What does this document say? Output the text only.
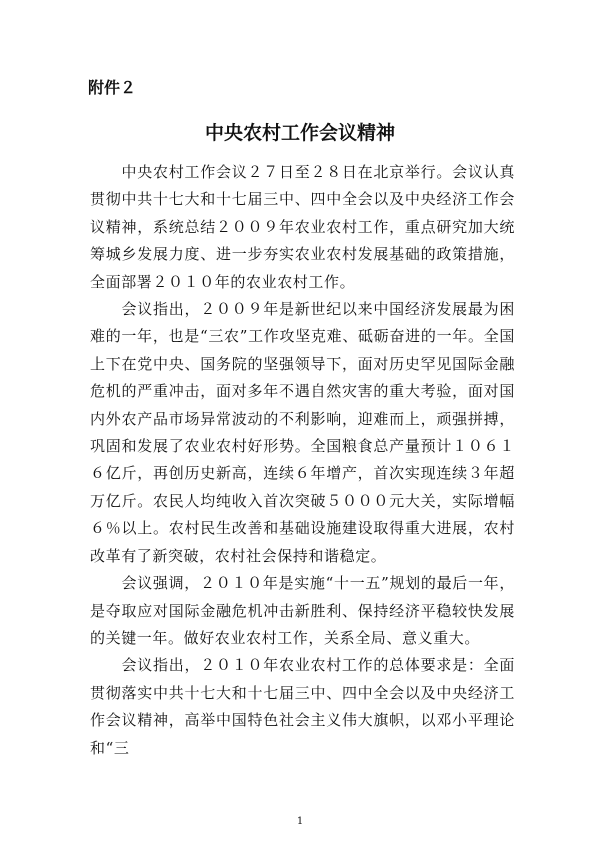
附件２

中央农村工作会议精神

中央农村工作会议２７日至２８日在北京举行。会议认真贯彻中共十七大和十七届三中、四中全会以及中央经济工作会议精神，系统总结２００９年农业农村工作，重点研究加大统筹城乡发展力度、进一步夯实农业农村发展基础的政策措施，全面部署２０１０年的农业农村工作。

会议指出，２００９年是新世纪以来中国经济发展最为困难的一年，也是“三农”工作攻坚克难、砥砺奋进的一年。全国上下在党中央、国务院的坚强领导下，面对历史罕见国际金融危机的严重冲击，面对多年不遇自然灾害的重大考验，面对国内外农产品市场异常波动的不利影响，迎难而上，顽强拼搏，巩固和发展了农业农村好形势。全国粮食总产量预计１０６１６亿斤，再创历史新高，连续６年增产，首次实现连续３年超万亿斤。农民人均纯收入首次突破５０００元大关，实际增幅６％以上。农村民生改善和基础设施建设取得重大进展，农村改革有了新突破，农村社会保持和谐稳定。

会议强调，２０１０年是实施“十一五”规划的最后一年，是夺取应对国际金融危机冲击新胜利、保持经济平稳较快发展的关键一年。做好农业农村工作，关系全局、意义重大。

会议指出，２０１０年农业农村工作的总体要求是：全面贯彻落实中共十七大和十七届三中、四中全会以及中央经济工作会议精神，高举中国特色社会主义伟大旗帜，以邓小平理论和“三

1
